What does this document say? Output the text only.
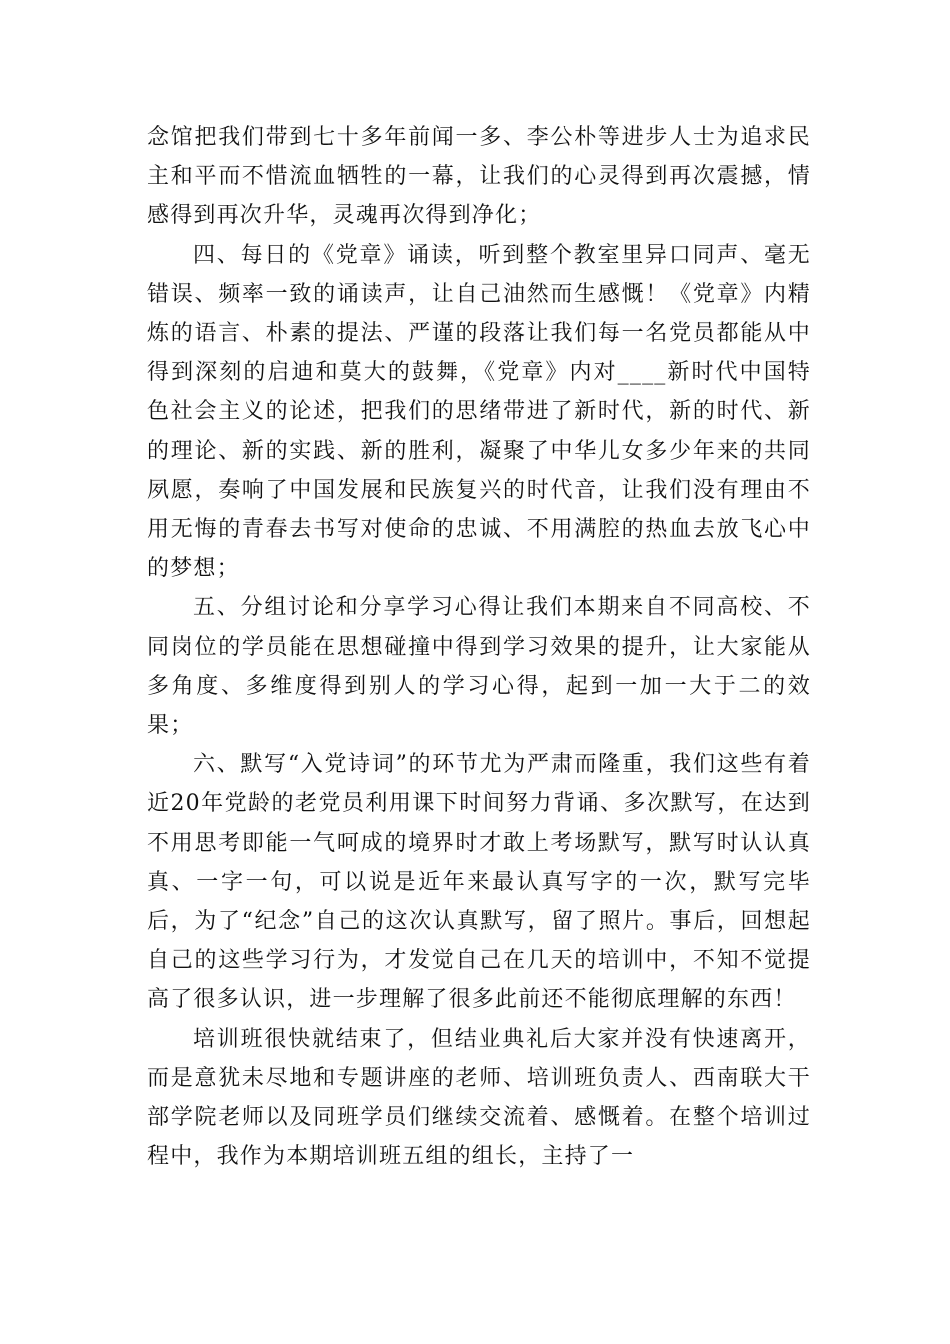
念馆把我们带到七十多年前闻一多、李公朴等进步人士为追求民主和平而不惜流血牺牲的一幕，让我们的心灵得到再次震撼，情感得到再次升华，灵魂再次得到净化；

四、每日的《党章》诵读，听到整个教室里异口同声、毫无错误、频率一致的诵读声，让自己油然而生感慨！《党章》内精炼的语言、朴素的提法、严谨的段落让我们每一名党员都能从中得到深刻的启迪和莫大的鼓舞，《党章》内对____新时代中国特色社会主义的论述，把我们的思绪带进了新时代，新的时代、新的理论、新的实践、新的胜利，凝聚了中华儿女多少年来的共同夙愿，奏响了中国发展和民族复兴的时代音，让我们没有理由不用无悔的青春去书写对使命的忠诚、不用满腔的热血去放飞心中的梦想；

五、分组讨论和分享学习心得让我们本期来自不同高校、不同岗位的学员能在思想碰撞中得到学习效果的提升，让大家能从多角度、多维度得到别人的学习心得，起到一加一大于二的效果；

六、默写“入党诗词”的环节尤为严肃而隆重，我们这些有着近20年党龄的老党员利用课下时间努力背诵、多次默写，在达到不用思考即能一气呵成的境界时才敢上考场默写，默写时认认真真、一字一句，可以说是近年来最认真写字的一次，默写完毕后，为了“纪念”自己的这次认真默写，留了照片。事后，回想起自己的这些学习行为，才发觉自己在几天的培训中，不知不觉提高了很多认识，进一步理解了很多此前还不能彻底理解的东西！

培训班很快就结束了，但结业典礼后大家并没有快速离开，而是意犹未尽地和专题讲座的老师、培训班负责人、西南联大干部学院老师以及同班学员们继续交流着、感慨着。在整个培训过程中，我作为本期培训班五组的组长，主持了一
